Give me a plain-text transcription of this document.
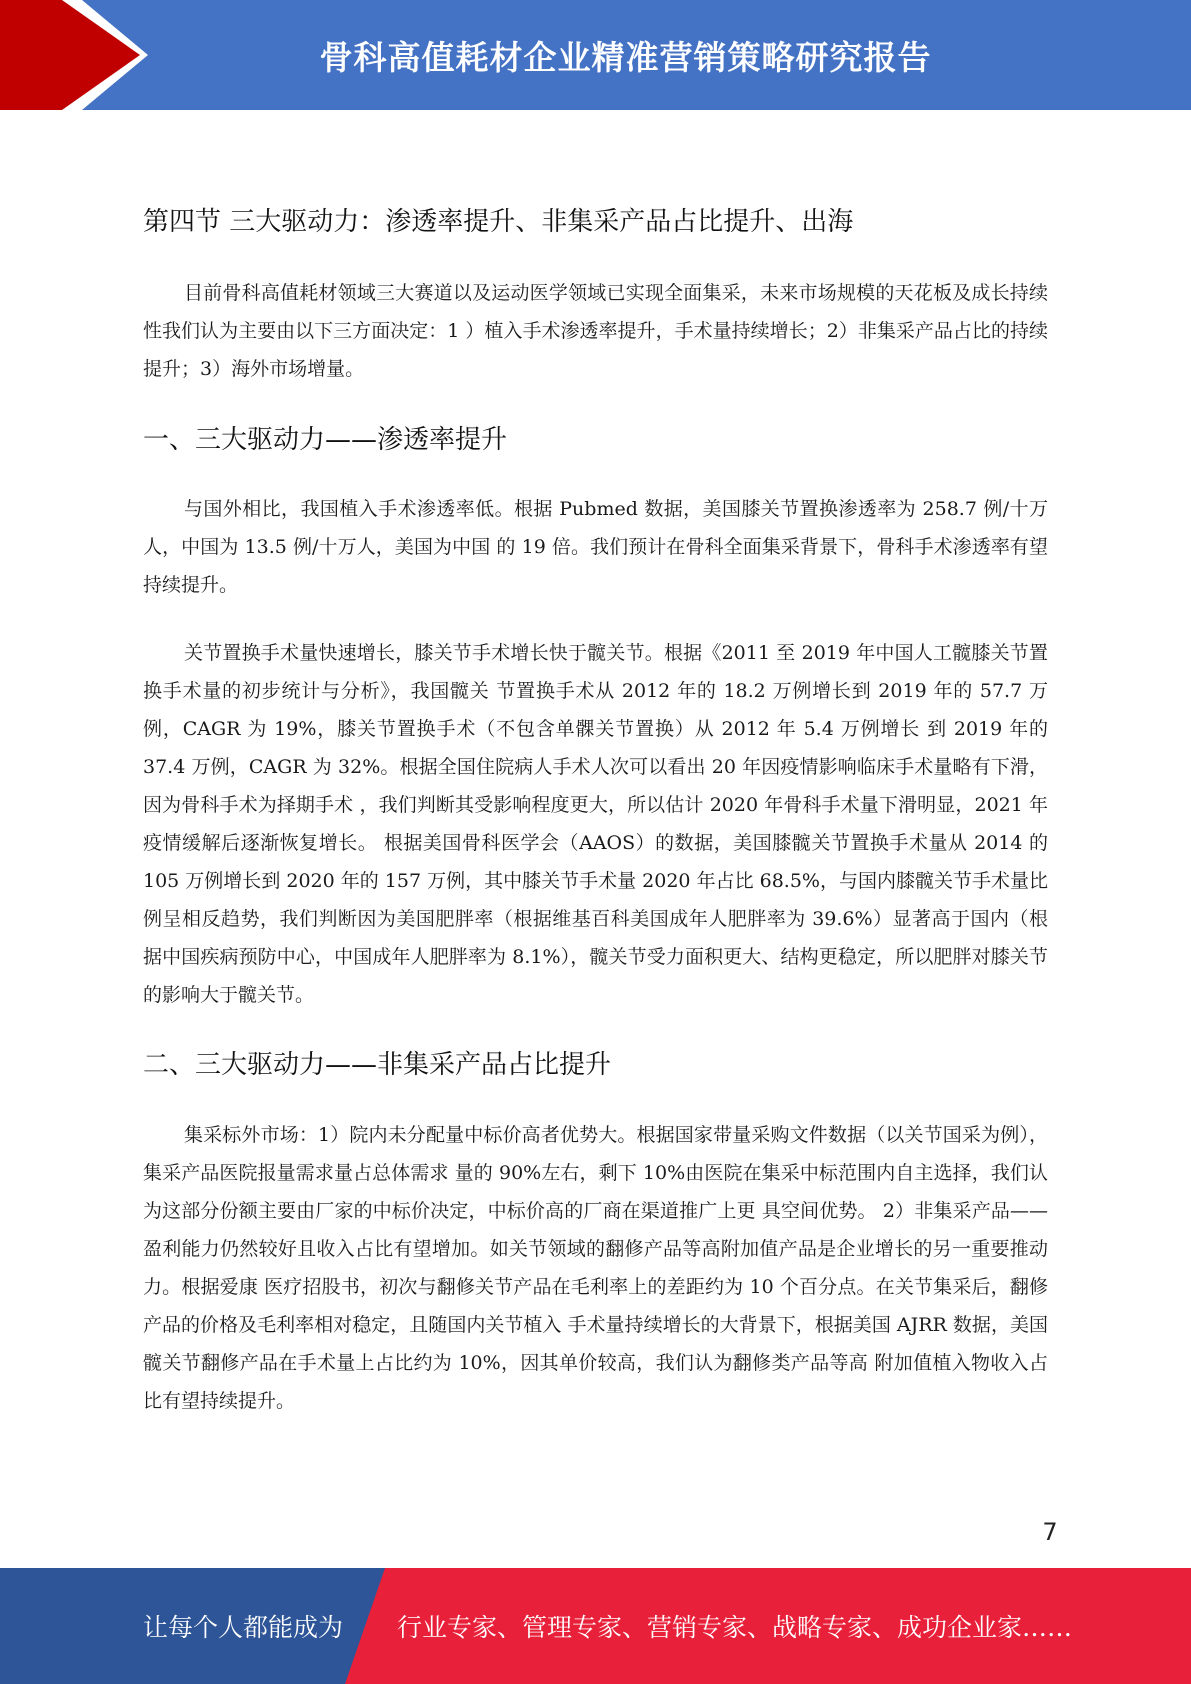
骨科高值耗材企业精准营销策略研究报告
第四节 三大驱动力：渗透率提升、非集采产品占比提升、出海

目前骨科高值耗材领域三大赛道以及运动医学领域已实现全面集采，未来市场规模的天花板及成长持续性我们认为主要由以下三方面决定：1 ）植入手术渗透率提升，手术量持续增长；2）非集采产品占比的持续提升；3）海外市场增量。

一、三大驱动力——渗透率提升

与国外相比，我国植入手术渗透率低。根据 Pubmed 数据，美国膝关节置换渗透率为 258.7 例/十万人，中国为 13.5 例/十万人，美国为中国 的 19 倍。我们预计在骨科全面集采背景下，骨科手术渗透率有望持续提升。

关节置换手术量快速增长，膝关节手术增长快于髋关节。根据《2011 至 2019 年中国人工髋膝关节置换手术量的初步统计与分析》，我国髋关 节置换手术从 2012 年的 18.2 万例增长到 2019 年的 57.7 万例，CAGR 为 19%，膝关节置换手术（不包含单髁关节置换）从 2012 年 5.4 万例增长 到 2019 年的 37.4 万例，CAGR 为 32%。根据全国住院病人手术人次可以看出 20 年因疫情影响临床手术量略有下滑，因为骨科手术为择期手术 ，我们判断其受影响程度更大，所以估计 2020 年骨科手术量下滑明显，2021 年疫情缓解后逐渐恢复增长。 根据美国骨科医学会（AAOS）的数据，美国膝髋关节置换手术量从 2014 的 105 万例增长到 2020 年的 157 万例，其中膝关节手术量 2020 年占比 68.5%，与国内膝髋关节手术量比例呈相反趋势，我们判断因为美国肥胖率（根据维基百科美国成年人肥胖率为 39.6%）显著高于国内（根 据中国疾病预防中心，中国成年人肥胖率为 8.1%），髋关节受力面积更大、结构更稳定，所以肥胖对膝关节的影响大于髋关节。

二、三大驱动力——非集采产品占比提升

集采标外市场：1）院内未分配量中标价高者优势大。根据国家带量采购文件数据（以关节国采为例），集采产品医院报量需求量占总体需求 量的 90%左右，剩下 10%由医院在集采中标范围内自主选择，我们认为这部分份额主要由厂家的中标价决定，中标价高的厂商在渠道推广上更 具空间优势。 2）非集采产品——盈利能力仍然较好且收入占比有望增加。如关节领域的翻修产品等高附加值产品是企业增长的另一重要推动力。根据爱康 医疗招股书，初次与翻修关节产品在毛利率上的差距约为 10 个百分点。在关节集采后，翻修产品的价格及毛利率相对稳定，且随国内关节植入 手术量持续增长的大背景下，根据美国 AJRR 数据，美国髋关节翻修产品在手术量上占比约为 10%，因其单价较高，我们认为翻修类产品等高 附加值植入物收入占比有望持续提升。

7
让每个人都能成为 行业专家、管理专家、营销专家、战略专家、成功企业家……
